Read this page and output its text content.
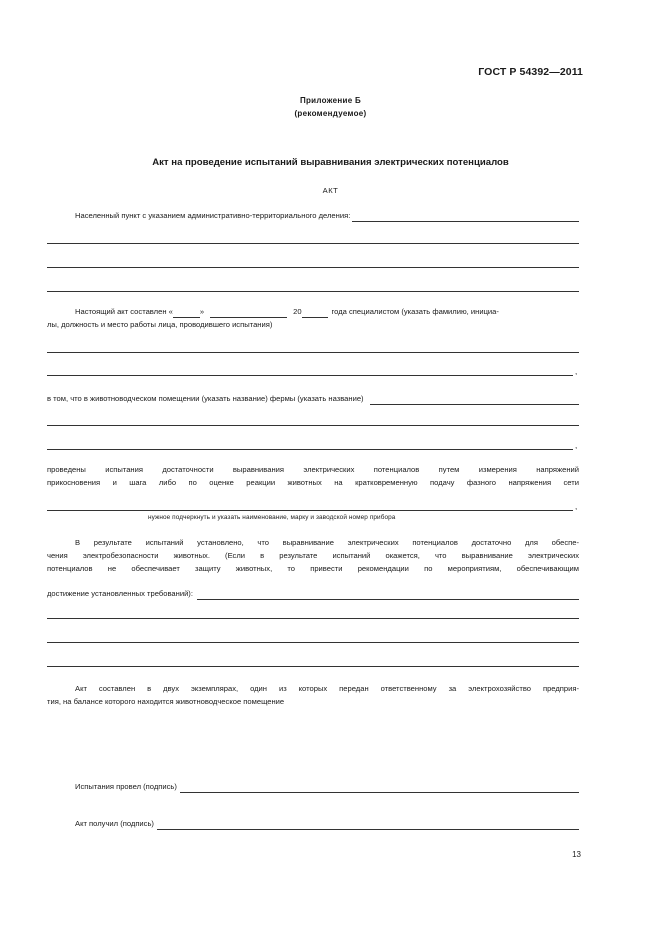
ГОСТ Р 54392—2011
Приложение Б
(рекомендуемое)
Акт на проведение испытаний выравнивания электрических потенциалов
АКТ
Населенный пункт с указанием административно-территориального деления:
Настоящий акт составлен «	»	20	года специалистом (указать фамилию, инициа-
лы, должность и место работы лица, проводившего испытания)
,
в том, что в животноводческом помещении (указать название) фермы (указать название)
,
проведены испытания достаточности выравнивания электрических потенциалов путем измерения напряжений
прикосновения и шага либо по оценке реакции животных на кратковременную подачу фазного напряжения сети
,
нужное подчеркнуть и указать наименование, марку и заводской номер прибора
В результате испытаний установлено, что выравнивание электрических потенциалов достаточно для обеспе-
чения электробезопасности животных. (Если в результате испытаний окажется, что выравнивание электрических
потенциалов не обеспечивает защиту животных, то привести рекомендации по мероприятиям, обеспечивающим
достижение установленных требований):
Акт составлен в двух экземплярах, один из которых передан ответственному за электрохозяйство предприя-
тия, на балансе которого находится животноводческое помещение
Испытания провел (подпись)
Акт получил (подпись)
13
